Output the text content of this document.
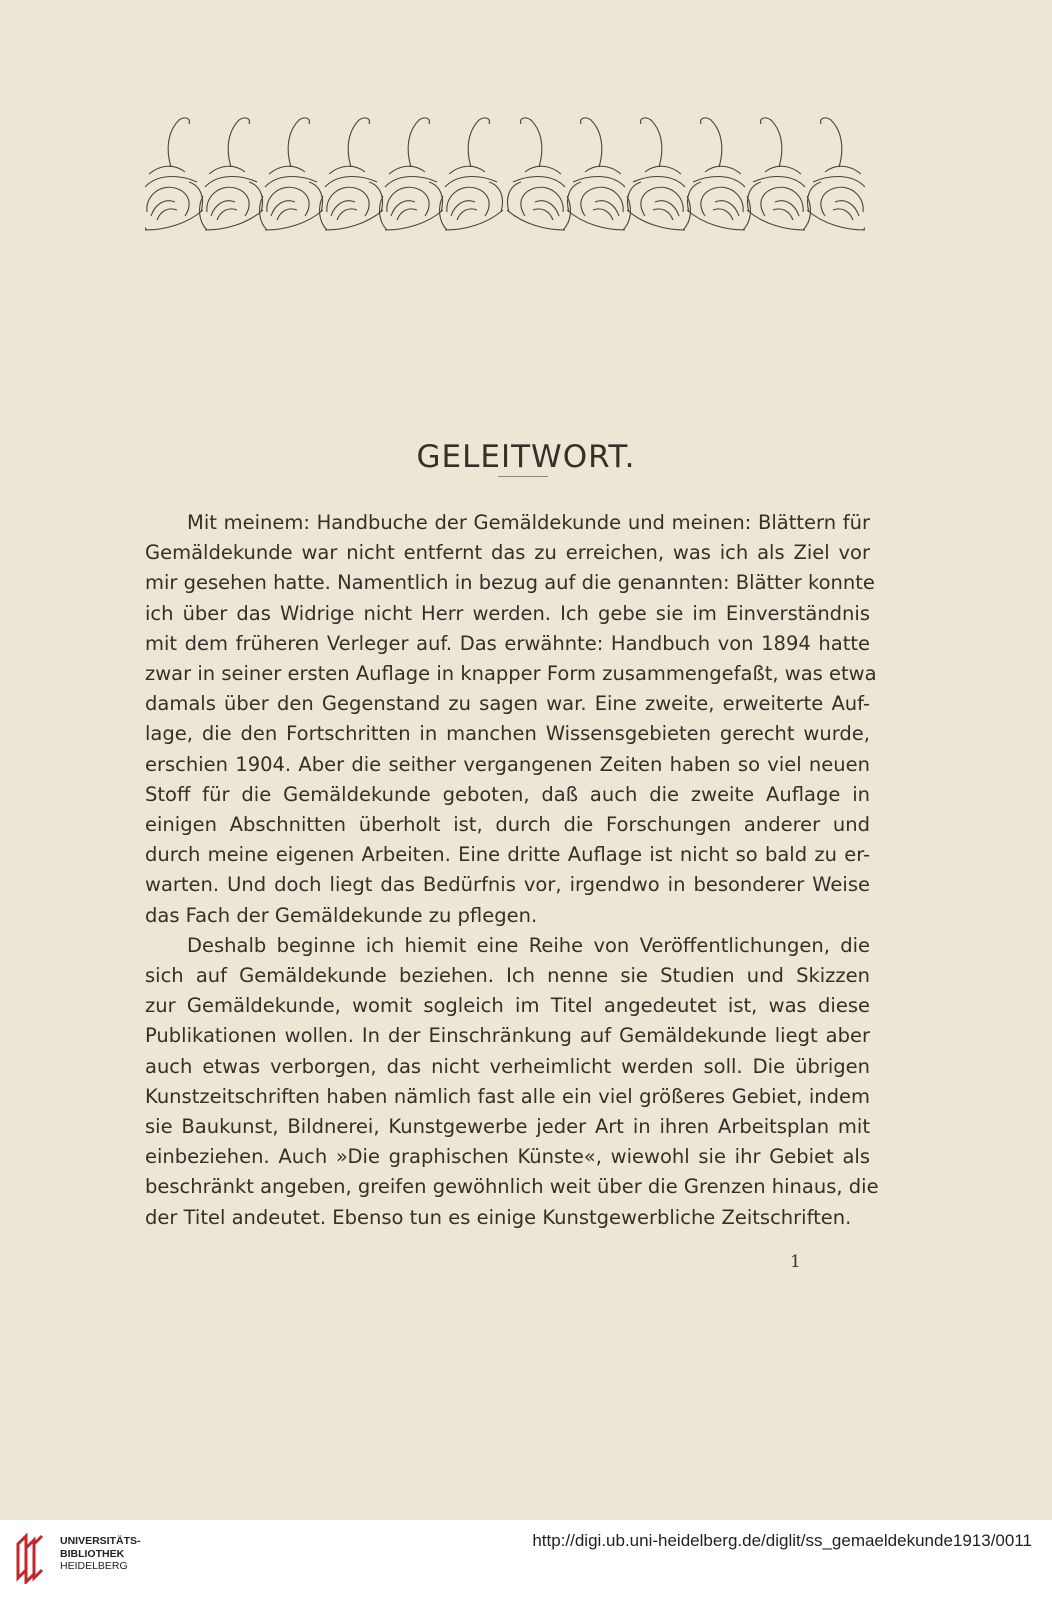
GELEITWORT.
Mit meinem: Handbuche der Gemäldekunde und meinen: Blättern für
Gemäldekunde war nicht entfernt das zu erreichen, was ich als Ziel vor
mir gesehen hatte. Namentlich in bezug auf die genannten: Blätter konnte
ich über das Widrige nicht Herr werden. Ich gebe sie im Einverständnis
mit dem früheren Verleger auf. Das erwähnte: Handbuch von 1894 hatte
zwar in seiner ersten Auflage in knapper Form zusammengefaßt, was etwa
damals über den Gegenstand zu sagen war. Eine zweite, erweiterte Auf-
lage, die den Fortschritten in manchen Wissensgebieten gerecht wurde,
erschien 1904. Aber die seither vergangenen Zeiten haben so viel neuen
Stoff für die Gemäldekunde geboten, daß auch die zweite Auflage in
einigen Abschnitten überholt ist, durch die Forschungen anderer und
durch meine eigenen Arbeiten. Eine dritte Auflage ist nicht so bald zu er-
warten. Und doch liegt das Bedürfnis vor, irgendwo in besonderer Weise
das Fach der Gemäldekunde zu pflegen.
Deshalb beginne ich hiemit eine Reihe von Veröffentlichungen, die
sich auf Gemäldekunde beziehen. Ich nenne sie Studien und Skizzen
zur Gemäldekunde, womit sogleich im Titel angedeutet ist, was diese
Publikationen wollen. In der Einschränkung auf Gemäldekunde liegt aber
auch etwas verborgen, das nicht verheimlicht werden soll. Die übrigen
Kunstzeitschriften haben nämlich fast alle ein viel größeres Gebiet, indem
sie Baukunst, Bildnerei, Kunstgewerbe jeder Art in ihren Arbeitsplan mit
einbeziehen. Auch »Die graphischen Künste«, wiewohl sie ihr Gebiet als
beschränkt angeben, greifen gewöhnlich weit über die Grenzen hinaus, die
der Titel andeutet. Ebenso tun es einige Kunstgewerbliche Zeitschriften.
1
UNIVERSITÄTS-
BIBLIOTHEK
HEIDELBERG
http://digi.ub.uni-heidelberg.de/diglit/ss_gemaeldekunde1913/0011
